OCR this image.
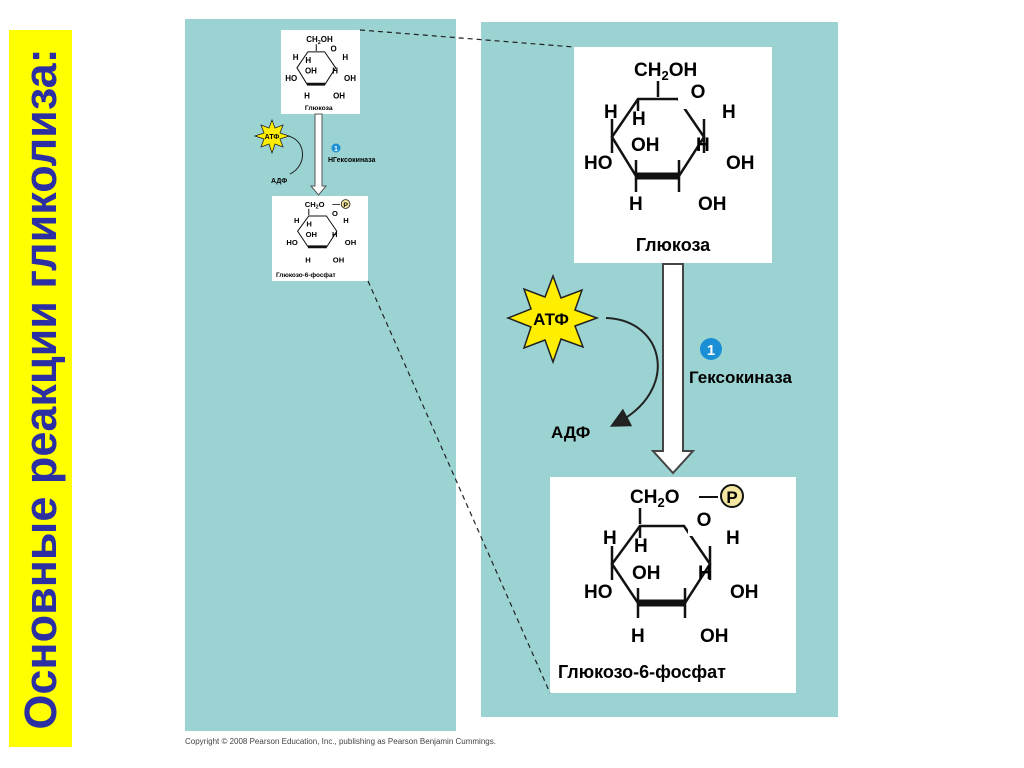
Основные реакции гликолиза:	$CH_2OH$
O
H
HO
H	H
OH
OH H
H	OH
Глюкоза
$CH_2O$	P
O
H
HO
H	H
OH
OH H
H	OH
Глюкозо-6-фосфат
АТФ
АДФ
1
Гексокиназа
$CH_2OH$
O
H
HO
H H
OH
OH H
H OH
Глюкоза
АТФ
АДФ
1
HГексокиназа
$CH_2O$ P
O
H
HO
H H
OH
OH H
H OH
Глюкозо-6-фосфат
Copyright © 2008 Pearson Education, Inc., publishing as Pearson Benjamin Cummings.
